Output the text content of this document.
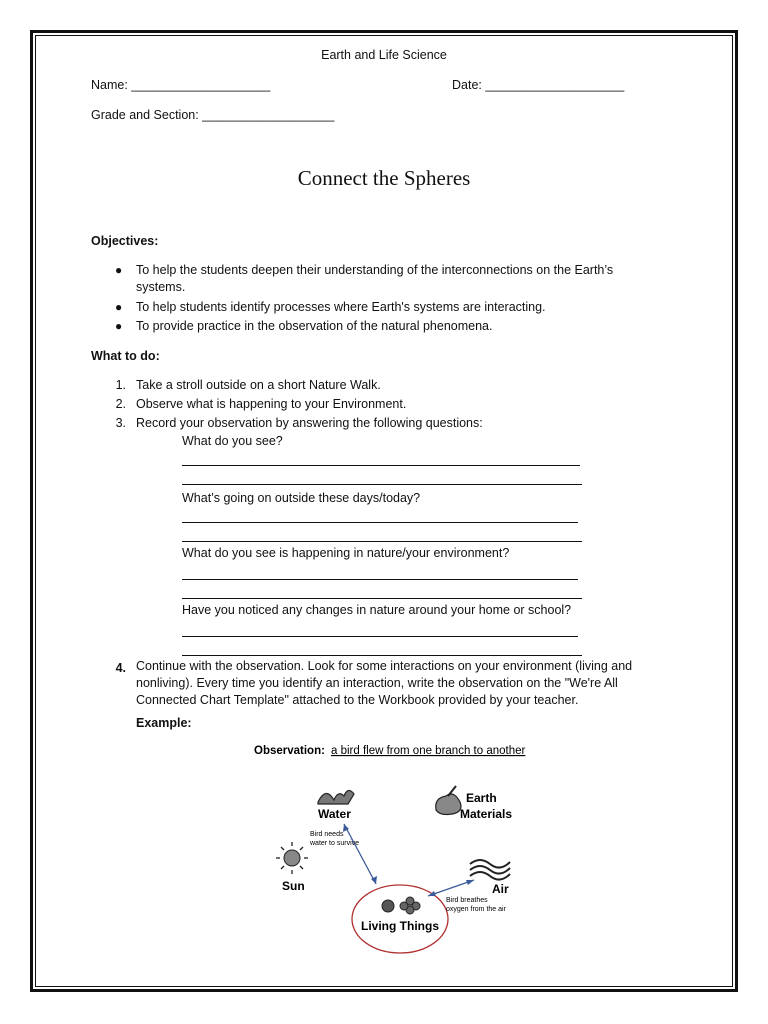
Earth and Life Science
Name: ____________________	Date: ____________________
Grade and Section: ___________________
Connect the Spheres
Objectives:
● To help the students deepen their understanding of the interconnections on the Earth’s systems.
● To help students identify processes where Earth's systems are interacting.
● To provide practice in the observation of the natural phenomena.
What to do:
1. Take a stroll outside on a short Nature Walk.
2. Observe what is happening to your Environment.
3. Record your observation by answering the following questions:
What do you see?
What’s going on outside these days/today?
What do you see is happening in nature/your environment?
Have you noticed any changes in nature around your home or school?
4. Continue with the observation. Look for some interactions on your environment (living and nonliving). Every time you identify an interaction, write the observation on the "We're All Connected Chart Template" attached to the Workbook provided by your teacher.
Example:
Observation: a bird flew from one branch to another
Water
Earth
Materials
Sun	Air
Living Things
Bird needs
water to survive
Bird breathes
oxygen from the air
